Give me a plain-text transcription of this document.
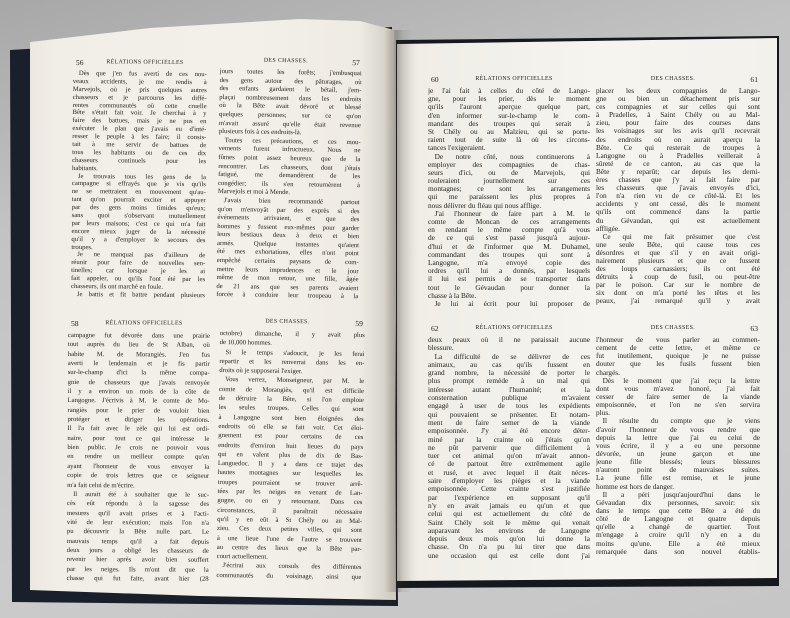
56	RÉLATIONS OFFICIELLES
Dès que j'en fus averti de ces nou-
veaux accidents, je me rendis à
Marvejols, où je pris quelques autres
chasseurs et je parcourus les diffé-
rentes communautés où cette cruelle
Bête s'était fait voir. Je cherchai à y
faire des battues, mais je ne pus en
exécuter le plan que j'avais eu d'inté-
resser le peuple à les faire; il consis-
tait à me servir de battues de
tous les habitants ou de ces dix
chasseurs continuels pour les
habitants.
Je trouvais tous les gens de la
campagne si effrayés que je vis qu'ils
ne se mettraient en mouvement qu'au-
tant qu'on pourrait exciter et appuyer
par des gens moins timides qu'eux;
sans quoi s'observant mutuellement
par leurs maisons; c'est ce qui m'a fait
encore mieux juger de la nécessité
qu'il y a d'employer le secours des
troupes.
Je ne manquai pas d'ailleurs de
réunir pour faire de nouvelles sen-
tinelles; car lorsque je les ai
fait appeler, ou qu'ils l'ont été par les
chasseurs, ils ont marché en foule.
Je battis et fit battre pendant plusieurs
DES CHASSES.	57
jours toutes les forêts; j'embusquai
des gens autour des pâturages, où
des enfants gardaient le bétail, j'em-
plaçai nombreusement dans les endroits
où la Bête avait dévoré et blessé
quelques personnes; sur ce qu'on
m'avait assuré qu'elle était revenue
plusieurs fois à ces endroits-là.
Toutes ces précautions, et ces mou-
vements furent infructueux. Nous ne
fûmes point assez heureux que de la
rencontrer. Les chasseurs, dont j'étais
fatigué, me demandèrent de les
congédier; ils s'en retournèrent à
Marvejols et moi à Mende.
J'avais bien recommandé partout
qu'on m'envoyât par des exprès si des
événements arrivaient, et que des
hommes y fussent eux-mêmes pour garder
leurs bestiaux deux à deux et bien
armés. Quelque instantes qu'aient
été mes exhortations, elles n'ont point
empêché certains paysans de com-
mettre leurs imprudences et le jour
même de mon retour, une fille, âgée
de 21 ans que ses parents avaient
forcée à conduire leur troupeau à la
58	RÉLATIONS OFFICIELLES
campagne fut dévorée dans une prairie
tout auprès du lieu de St Alban, où
habite M. de Morangiès. J'en fus
averti le lendemain et je fis partir
sur-le-champ d'ici la même compa-
gnie de chasseurs que j'avais renvoyée
il y a environ un mois de la côte de
Langogne. J'écrivis à M. le comte de Mo-
rangiès pour le prier de vouloir bien
protéger et diriger les opérations.
Il l'a fait avec le zèle qui lui est ordi-
naire, pour tout ce qui intéresse le
bien public. Je crois ne pouvoir vous
en rendre un meilleur compte qu'en
ayant l'honneur de vous envoyer la
copie de trois lettres que ce seigneur
m'a fait celui de m'écrire.
Il aurait été à souhaiter que le suc-
cès eût répondu à la sagesse des
mesures qu'il avait prises et à l'acti-
vité de leur exécution; mais l'on n'a
pu découvrir la Bête nulle part. Le
mauvais temps qu'il a fait depuis
deux jours a obligé les chasseurs de
revenir hier après avoir bien souffert
par les neiges. Ils m'ont dit que la
chasse qui fut faite, avant hier (28
DES CHASSES.	59
octobre) dimanche, il y avait plus
de 10,000 hommes.
Si le temps s'adoucit, je les ferai
repartir et les renverrai dans les en-
droits où je supposerai l'exiger.
Vous verrez, Monseigneur, par M. le
comte de Morangiès, qu'il est difficile
de détruire la Bête, si l'on emploie
les seules troupes. Celles qui sont
à Langogne sont bien éloignées des
endroits où elle se fait voir. Cet éloi-
gnement est pour certains de ces
endroits d'environ huit lieues du pays
qui en valent plus de dix de Bas-
Languedoc. Il y a dans ce trajet des
hautes montagnes sur lesquelles les
troupes pourraient se trouver arrê-
tées par les neiges en venant de Lan-
gogne, ou en y retournant. Dans ces
circonstances, il paraîtrait nécessaire
qu'il y en eût à St Chély ou au Mal-
zieu. Ces deux petites villes, qui sont
à une lieue l'une de l'autre se trouvent
au centre des lieux que la Bête par-
court actuellement.
J'écrirai aux consuls des différentes
communautés du voisinage, ainsi que
60	RÉLATIONS OFFICIELLES
je l'ai fait à celles du côté de Lango-
gne, pour les prier, dès le moment
qu'ils l'auront aperçue quelque part,
d'en informer sur-le-champ le com-
mandant des troupes qui serait à
St Chély ou au Malzieu, qui se porte-
raient tout de suite là où les circons-
tances l'exigeraient.
De notre côté, nous continuerons à
employer des compagnies de chas-
seurs d'ici, ou de Marvejols, qui
rouleraient journellement sur ces
montagnes; ce sont les arrangements
qui me paraissent les plus propres à
nous délivrer du fléau qui nous afflige.
J'ai l'honneur de faire part à M. le
comte de Moncan de ces arrangements
en rendant le même compte qu'à vous
de ce qui s'est passé jusqu'à aujour-
d'hui et de l'informer que M. Duhamel,
commandant des troupes qui sont à
Langogne, m'a envoyé copie des
ordres qu'il lui a donnés, par lesquels
il lui est permis de se transporter dans
tout le Gévaudan pour donner la
chasse à la Bête.
Je lui ai écrit pour lui proposer de
DES CHASSES.	61
placer les deux compagnies de Lango-
gne ou bien un détachement pris sur
ces compagnies et sur celles qui sont
à Pradelles, à Saint Chély ou au Mal-
zieu, pour faire des courses dans
les voisinages sur les avis qu'il recevrait
des endroits où on aurait aperçu la
Bête. Ce qui resterait de troupes à
Langogne ou à Pradelles veillerait à
sûreté de ce canton, au cas que la
Bête y reparût; car depuis les derni-
ères chasses que j'y ai fait faire par
les chasseurs que j'avais envoyés d'ici,
l'on n'a rien vu de ce côté-là. Et les
accidents y ont cessé, dès le moment
qu'ils ont commencé dans la partie
du Gévaudan, qui est actuellement
affligée.
Ce qui me fait présumer que c'est
une seule Bête, qui cause tous ces
désordres et que s'il y en avait origi-
nairement plusieurs et que ce fussent
des loups carnassiers; ils ont été
détruits à coup de fusil, ou peut-être
par le poison. Car sur le nombre de
six dont on m'a porté les têtes et les
peaux, j'ai remarqué qu'il y avait
62	RÉLATIONS OFFICIELLES
deux peaux où il ne paraissait aucune
blessure.
La difficulté de se délivrer de ces
animaux, au cas qu'ils fussent en
grand nombre, la nécessité de porter le
plus prompt remède à un mal qui
intéresse autant l'humanité; et la
consternation publique m'avaient
engagé à user de tous les expédients
qui pouvaient se présenter. Et notam-
ment de faire semer de la viande
empoisonnée. J'y ai été encore déter-
miné par la crainte où j'étais qu'on
ne pût parvenir que difficilement à
tuer cet animal qu'on m'avait annon-
cé de partout être extrêmement agile
et rusé, et avec lequel il était néces-
saire d'employer les pièges et la viande
empoisonnée. Cette crainte s'est justifiée
par l'expérience en supposant qu'il
n'y en avait jamais eu qu'un et que
celui qui est actuellement du côté de
Saint Chély soit le même qui venait
auparavant les environs de Langogne
depuis deux mois qu'on lui donne la
chasse. On n'a pu lui tirer que dans
une occasion qui est celle dont j'ai
DES CHASSES.	63
l'honneur de vous parler au commen-
cement de cette lettre, et même ce
fut inutilement, quoique je ne puisse
douter que les fusils fussent bien
chargés.
Dès le moment que j'ai reçu la lettre
dont vous m'avez honoré, j'ai fait
cesser de faire semer de la viande
empoisonnée, et l'on ne s'en servira
plus.
Il résulte du compte que je viens
d'avoir l'honneur de vous rendre que
depuis la lettre que j'ai eu celui de
vous écrire, il y a eu une personne
dévorée, un jeune garçon et une
jeune fille blessés; leurs blessures
n'auront point de mauvaises suites.
La jeune fille est remise, et le jeune
homme est hors de danger.
Il a péri jusqu'aujourd'hui dans le
Gévaudan dix personnes, savoir: six
dans le temps que cette Bête a été du
côté de Langogne et quatre depuis
qu'elle a changé de quartier. Tout
m'engage à croire qu'il n'y en a du
moins qu'une. Elle a été mieux
remarquée dans son nouvel établis-
